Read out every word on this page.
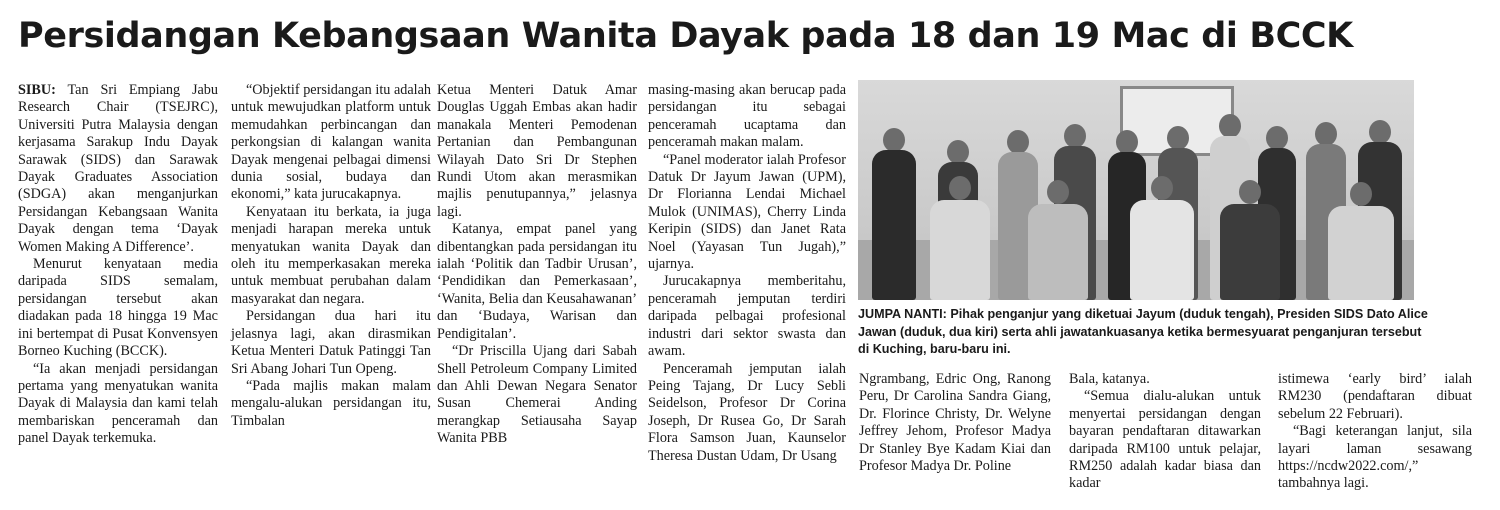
Persidangan Kebangsaan Wanita Dayak pada 18 dan 19 Mac di BCCK

SIBU: Tan Sri Empiang Jabu Research Chair (TSEJRC), Universiti Putra Malaysia dengan kerjasama Sarakup Indu Dayak Sarawak (SIDS) dan Sarawak Dayak Graduates Association (SDGA) akan menganjurkan Persidangan Kebangsaan Wanita Dayak dengan tema ‘Dayak Women Making A Difference’.

Menurut kenyataan media daripada SIDS semalam, persidangan tersebut akan diadakan pada 18 hingga 19 Mac ini bertempat di Pusat Konvensyen Borneo Kuching (BCCK).

“Ia akan menjadi persidangan pertama yang menyatukan wanita Dayak di Malaysia dan kami telah membariskan penceramah dan panel Dayak terkemuka.

“Objektif persidangan itu adalah untuk mewujudkan platform untuk memudahkan perbincangan dan perkongsian di kalangan wanita Dayak mengenai pelbagai dimensi dunia sosial, budaya dan ekonomi,” kata jurucakapnya.

Kenyataan itu berkata, ia juga menjadi harapan mereka untuk menyatukan wanita Dayak dan oleh itu memperkasakan mereka untuk membuat perubahan dalam masyarakat dan negara.

Persidangan dua hari itu jelasnya lagi, akan dirasmikan Ketua Menteri Datuk Patinggi Tan Sri Abang Johari Tun Openg.

“Pada majlis makan malam mengalu-alukan persidangan itu, Timbalan

Ketua Menteri Datuk Amar Douglas Uggah Embas akan hadir manakala Menteri Pemodenan Pertanian dan Pembangunan Wilayah Dato Sri Dr Stephen Rundi Utom akan merasmikan majlis penutupannya,” jelasnya lagi.

Katanya, empat panel yang dibentangkan pada persidangan itu ialah ‘Politik dan Tadbir Urusan’, ‘Pendidikan dan Pemerkasaan’, ‘Wanita, Belia dan Keusahawanan’ dan ‘Budaya, Warisan dan Pendigitalan’.

“Dr Priscilla Ujang dari Sabah Shell Petroleum Company Limited dan Ahli Dewan Negara Senator Susan Chemerai Anding merangkap Setiausaha Sayap Wanita PBB

masing-masing akan berucap pada persidangan itu sebagai penceramah ucaptama dan penceramah makan malam.

“Panel moderator ialah Profesor Datuk Dr Jayum Jawan (UPM), Dr Florianna Lendai Michael Mulok (UNIMAS), Cherry Linda Keripin (SIDS) dan Janet Rata Noel (Yayasan Tun Jugah),” ujarnya.

Jurucakapnya memberitahu, penceramah jemputan terdiri daripada pelbagai profesional industri dari sektor swasta dan awam.

Penceramah jemputan ialah Peing Tajang, Dr Lucy Sebli Seidelson, Profesor Dr Corina Joseph, Dr Rusea Go, Dr Sarah Flora Samson Juan, Kaunselor Theresa Dustan Udam, Dr Usang

JUMPA NANTI: Pihak penganjur yang diketuai Jayum (duduk tengah), Presiden SIDS Dato Alice Jawan (duduk, dua kiri) serta ahli jawatankuasanya ketika bermesyuarat penganjuran tersebut di Kuching, baru-baru ini.

Ngrambang, Edric Ong, Ranong Peru, Dr Carolina Sandra Giang, Dr. Florince Christy, Dr. Welyne Jeffrey Jehom, Profesor Madya Dr Stanley Bye Kadam Kiai dan Profesor Madya Dr. Poline

Bala, katanya.

“Semua dialu-alukan untuk menyertai persidangan dengan bayaran pendaftaran ditawarkan daripada RM100 untuk pelajar, RM250 adalah kadar biasa dan kadar

istimewa ‘early bird’ ialah RM230 (pendaftaran dibuat sebelum 22 Februari).

“Bagi keterangan lanjut, sila layari laman sesawang https://ncdw2022.com/,” tambahnya lagi.
